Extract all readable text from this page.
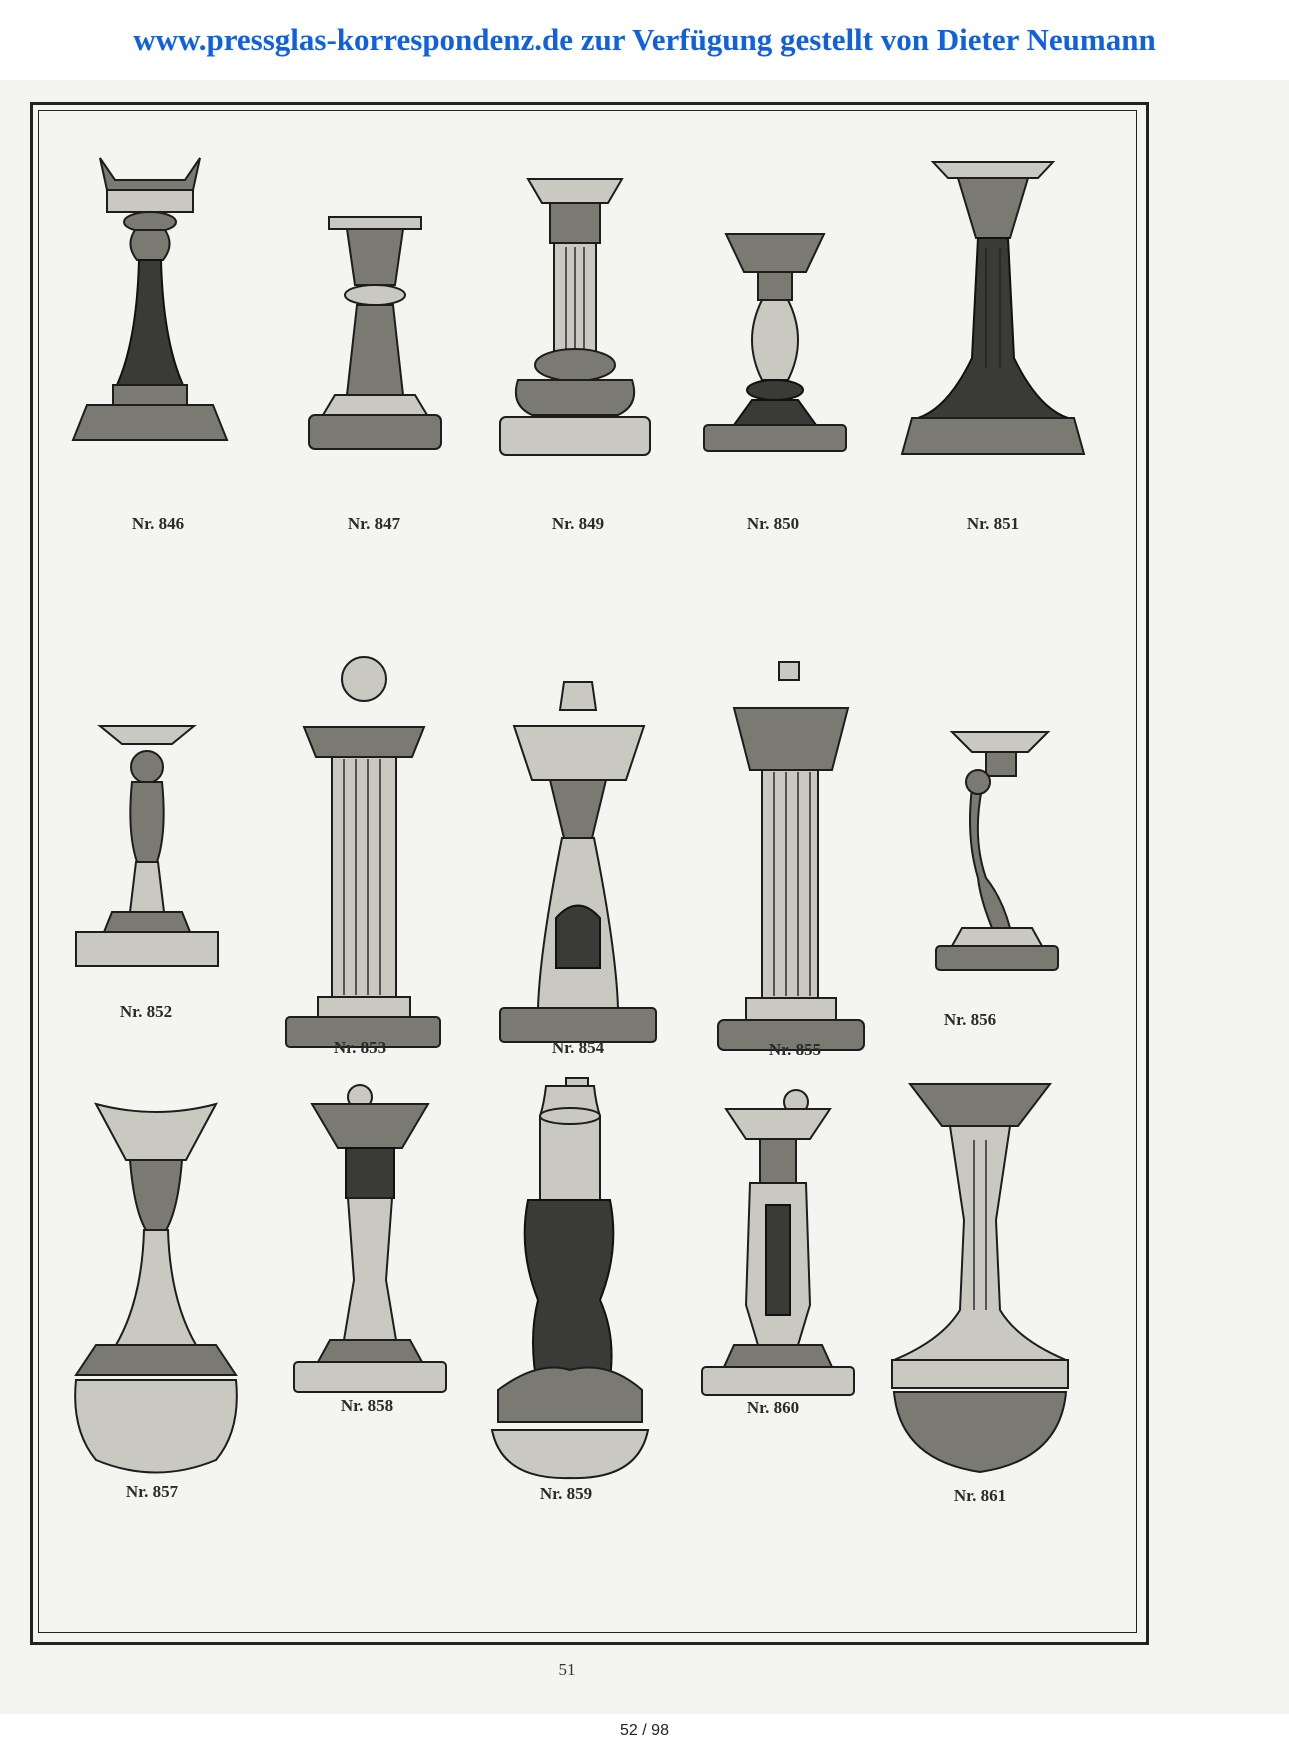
www.pressglas-korrespondenz.de zur Verfügung gestellt von Dieter Neumann
Nr. 846	Nr. 847	Nr. 849	Nr. 850	Nr. 851
Nr. 852
Nr. 853	Nr. 854	Nr. 855
Nr. 856
Nr. 857
Nr. 858
Nr. 859
Nr. 860
Nr. 861
51
52 / 98
